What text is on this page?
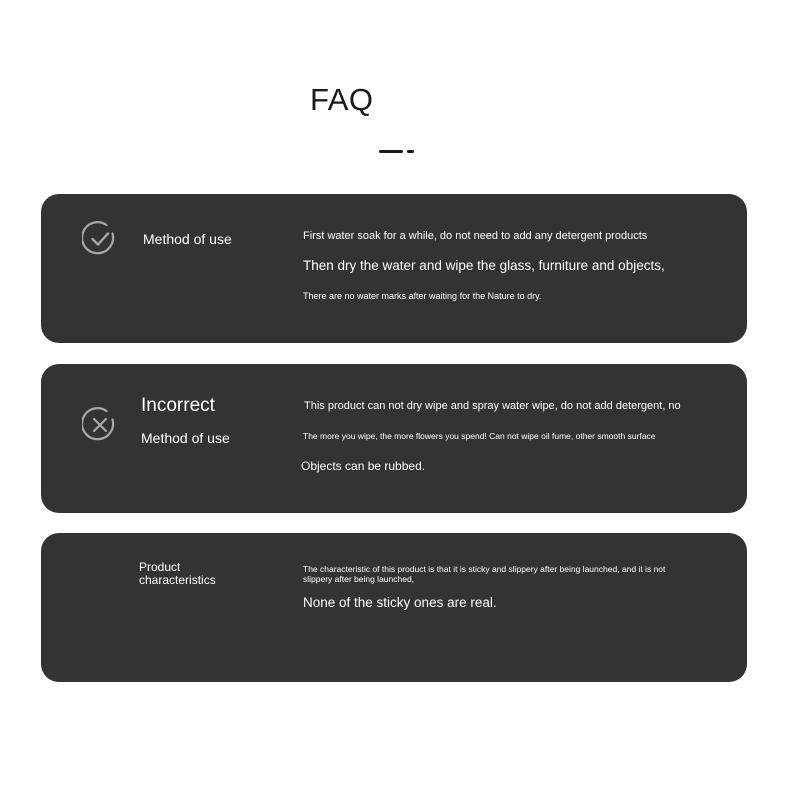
FAQ
Method of use	First water soak for a while, do not need to add any detergent products
Then dry the water and wipe the glass, furniture and objects,
There are no water marks after waiting for the Nature to dry.
Incorrect
Method of use
This product can not dry wipe and spray water wipe, do not add detergent, no
The more you wipe, the more flowers you spend! Can not wipe oil fume, other smooth surface
Objects can be rubbed.
Product characteristics
The characteristic of this product is that it is sticky and slippery after being launched, and it is not slippery after being launched,
None of the sticky ones are real.
